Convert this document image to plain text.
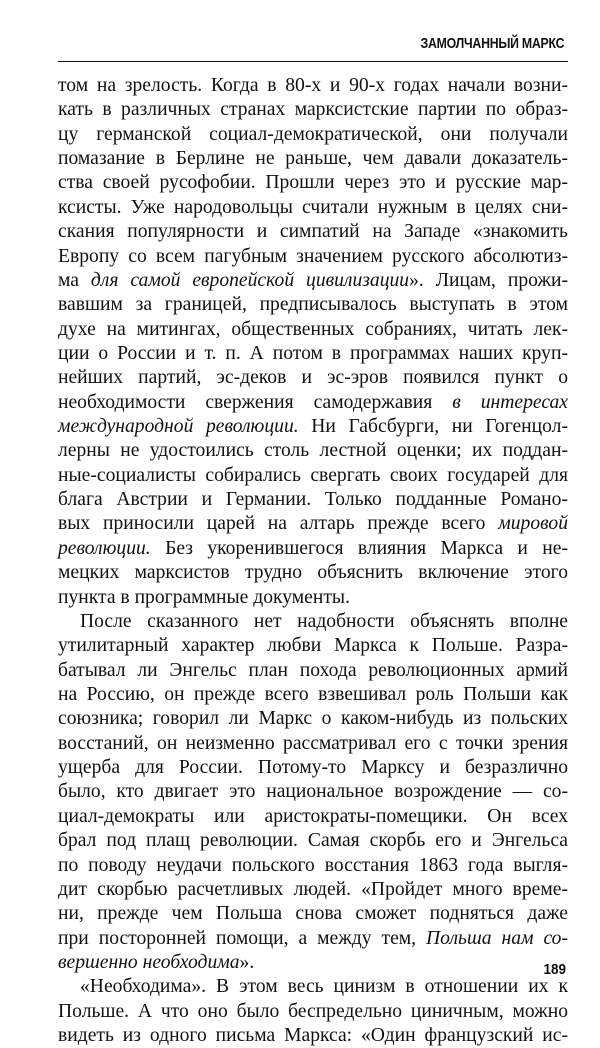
ЗАМОЛЧАННЫЙ МАРКС
том на зрелость. Когда в 80-х и 90-х годах начали возни-
кать в различных странах марксистские партии по образ-
цу германской социал-демократической, они получали
помазание в Берлине не раньше, чем давали доказатель-
ства своей русофобии. Прошли через это и русские мар-
ксисты. Уже народовольцы считали нужным в целях сни-
скания популярности и симпатий на Западе «знакомить
Европу со всем пагубным значением русского абсолютиз-
ма для самой европейской цивилизации». Лицам, прожи-
вавшим за границей, предписывалось выступать в этом
духе на митингах, общественных собраниях, читать лек-
ции о России и т. п. А потом в программах наших круп-
нейших партий, эс-деков и эс-эров появился пункт о
необходимости свержения самодержавия в интересах
международной революции. Ни Габсбурги, ни Гогенцол-
лерны не удостоились столь лестной оценки; их поддан-
ные-социалисты собирались свергать своих государей для
блага Австрии и Германии. Только подданные Романо-
вых приносили царей на алтарь прежде всего мировой
революции. Без укоренившегося влияния Маркса и не-
мецких марксистов трудно объяснить включение этого
пункта в программные документы.
После сказанного нет надобности объяснять вполне
утилитарный характер любви Маркса к Польше. Разра-
батывал ли Энгельс план похода революционных армий
на Россию, он прежде всего взвешивал роль Польши как
союзника; говорил ли Маркс о каком-нибудь из польских
восстаний, он неизменно рассматривал его с точки зрения
ущерба для России. Потому-то Марксу и безразлично
было, кто двигает это национальное возрождение — со-
циал-демократы или аристократы-помещики. Он всех
брал под плащ революции. Самая скорбь его и Энгельса
по поводу неудачи польского восстания 1863 года выгля-
дит скорбью расчетливых людей. «Пройдет много време-
ни, прежде чем Польша снова сможет подняться даже
при посторонней помощи, а между тем, Польша нам со-
вершенно необходима».
«Необходима». В этом весь цинизм в отношении их к
Польше. А что оно было беспредельно циничным, можно
видеть из одного письма Маркса: «Один французский ис-
189
